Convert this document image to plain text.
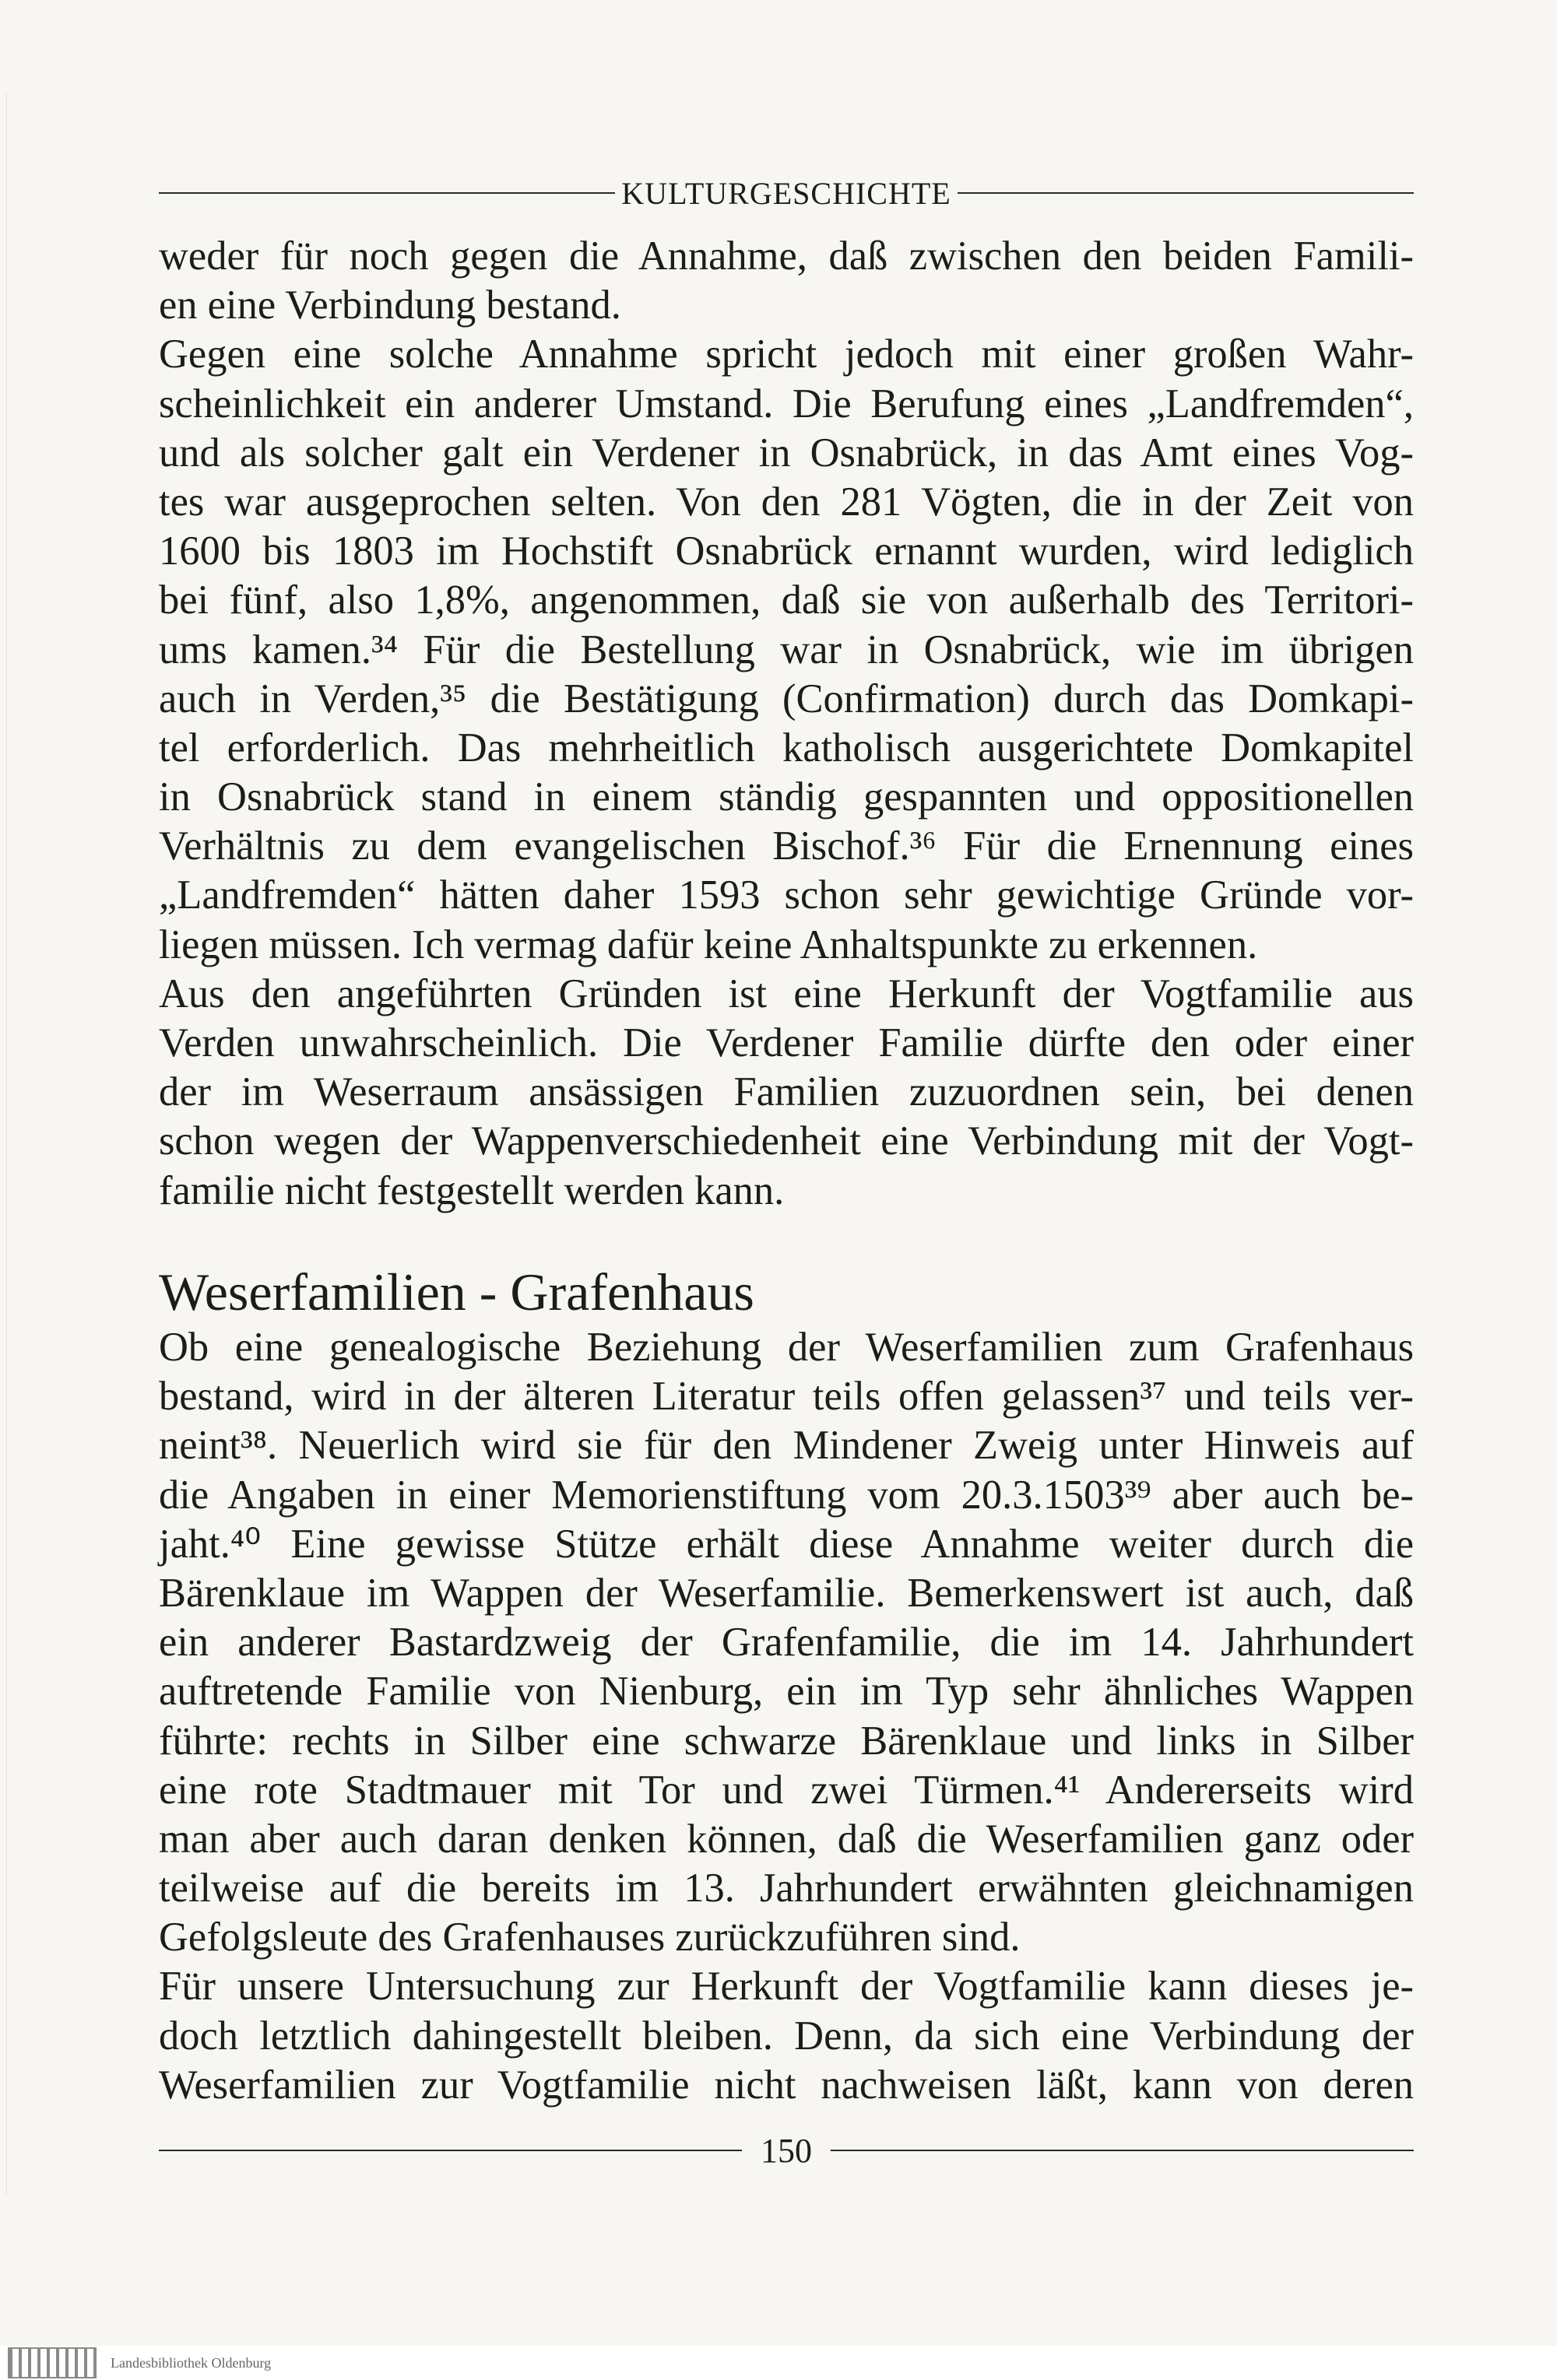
KULTURGESCHICHTE
weder für noch gegen die Annahme, daß zwischen den beiden Famili-
en eine Verbindung bestand.
Gegen eine solche Annahme spricht jedoch mit einer großen Wahr-
scheinlichkeit ein anderer Umstand. Die Berufung eines „Landfremden“,
und als solcher galt ein Verdener in Osnabrück, in das Amt eines Vog-
tes war ausgeprochen selten. Von den 281 Vögten, die in der Zeit von
1600 bis 1803 im Hochstift Osnabrück ernannt wurden, wird lediglich
bei fünf, also 1,8%, angenommen, daß sie von außerhalb des Territori-
ums kamen.³⁴ Für die Bestellung war in Osnabrück, wie im übrigen
auch in Verden,³⁵ die Bestätigung (Confirmation) durch das Domkapi-
tel erforderlich. Das mehrheitlich katholisch ausgerichtete Domkapitel
in Osnabrück stand in einem ständig gespannten und oppositionellen
Verhältnis zu dem evangelischen Bischof.³⁶ Für die Ernennung eines
„Landfremden“ hätten daher 1593 schon sehr gewichtige Gründe vor-
liegen müssen. Ich vermag dafür keine Anhaltspunkte zu erkennen.
Aus den angeführten Gründen ist eine Herkunft der Vogtfamilie aus
Verden unwahrscheinlich. Die Verdener Familie dürfte den oder einer
der im Weserraum ansässigen Familien zuzuordnen sein, bei denen
schon wegen der Wappenverschiedenheit eine Verbindung mit der Vogt-
familie nicht festgestellt werden kann.
Weserfamilien - Grafenhaus
Ob eine genealogische Beziehung der Weserfamilien zum Grafenhaus
bestand, wird in der älteren Literatur teils offen gelassen³⁷ und teils ver-
neint³⁸. Neuerlich wird sie für den Mindener Zweig unter Hinweis auf
die Angaben in einer Memorienstiftung vom 20.3.1503³⁹ aber auch be-
jaht.⁴⁰ Eine gewisse Stütze erhält diese Annahme weiter durch die
Bärenklaue im Wappen der Weserfamilie. Bemerkenswert ist auch, daß
ein anderer Bastardzweig der Grafenfamilie, die im 14. Jahrhundert
auftretende Familie von Nienburg, ein im Typ sehr ähnliches Wappen
führte: rechts in Silber eine schwarze Bärenklaue und links in Silber
eine rote Stadtmauer mit Tor und zwei Türmen.⁴¹ Andererseits wird
man aber auch daran denken können, daß die Weserfamilien ganz oder
teilweise auf die bereits im 13. Jahrhundert erwähnten gleichnamigen
Gefolgsleute des Grafenhauses zurückzuführen sind.
Für unsere Untersuchung zur Herkunft der Vogtfamilie kann dieses je-
doch letztlich dahingestellt bleiben. Denn, da sich eine Verbindung der
Weserfamilien zur Vogtfamilie nicht nachweisen läßt, kann von deren
150
Landesbibliothek Oldenburg
